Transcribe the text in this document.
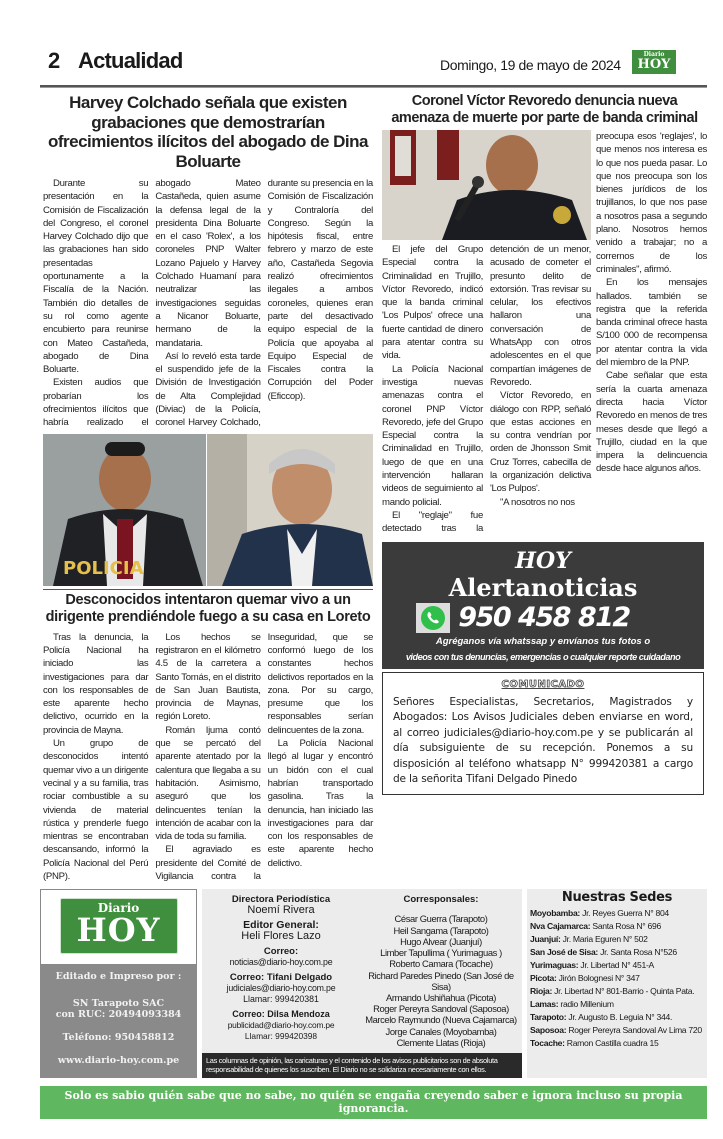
2 Actualidad	Domingo, 19 de mayo de 2024
Diario
HOY
Harvey Colchado señala que existen grabaciones que demostrarían ofrecimientos ilícitos del abogado de Dina Boluarte

Durante su presentación en la Comisión de Fiscalización del Congreso, el coronel Harvey Colchado dijo que las grabaciones han sido presentadas oportunamente a la Fiscalía de la Nación. También dio detalles de su rol como agente encubierto para reunirse con Mateo Castañeda, abogado de Dina Boluarte.

Existen audios que probarían los ofrecimientos ilícitos que habría realizado el abogado Mateo Castañeda, quien asume la defensa legal de la presidenta Dina Boluarte en el caso 'Rolex', a los coroneles PNP Walter Lozano Pajuelo y Harvey Colchado Huamaní para neutralizar las investigaciones seguidas a Nicanor Boluarte, hermano de la mandataria.

Así lo reveló esta tarde el suspendido jefe de la División de Investigación de Alta Complejidad (Diviac) de la Policía, coronel Harvey Colchado, durante su presencia en la Comisión de Fiscalización y Contraloría del Congreso. Según la hipótesis fiscal, entre febrero y marzo de este año, Castañeda Segovia realizó ofrecimientos ilegales a ambos coroneles, quienes eran parte del desactivado equipo especial de la Policía que apoyaba al Equipo Especial de Fiscales contra la Corrupción del Poder (Eficcop).

POLICIA
Desconocidos intentaron quemar vivo a un dirigente prendiéndole fuego a su casa en Loreto

Tras la denuncia, la Policía Nacional ha iniciado las investigaciones para dar con los responsables de este aparente hecho delictivo, ocurrido en la provincia de Mayna.

Un grupo de desconocidos intentó quemar vivo a un dirigente vecinal y a su familia, tras rociar combustible a su vivienda de material rústica y prenderle fuego mientras se encontraban descansando, informó la Policía Nacional del Perú (PNP).

Los hechos se registraron en el kilómetro 4.5 de la carretera a Santo Tomás, en el distrito de San Juan Bautista, provincia de Maynas, región Loreto.

Román Ijuma contó que se percató del aparente atentado por la calentura que llegaba a su habitación. Asimismo, aseguró que los delincuentes tenían la intención de acabar con la vida de toda su familia.

El agraviado es presidente del Comité de Vigilancia contra la Inseguridad, que se conformó luego de los constantes hechos delictivos reportados en la zona. Por su cargo, presume que los responsables serían delincuentes de la zona.

La Policía Nacional llegó al lugar y encontró un bidón con el cual habrían transportado gasolina. Tras la denuncia, han iniciado las investigaciones para dar con los responsables de este aparente hecho delictivo.

Coronel Víctor Revoredo denuncia nueva amenaza de muerte por parte de banda criminal

El jefe del Grupo Especial contra la Criminalidad en Trujillo, Víctor Revoredo, indicó que la banda criminal 'Los Pulpos' ofrece una fuerte cantidad de dinero para atentar contra su vida.

La Policía Nacional investiga nuevas amenazas contra el coronel PNP Víctor Revoredo, jefe del Grupo Especial contra la Criminalidad en Trujillo, luego de que en una intervención hallaran videos de seguimiento al mando policial.

El "reglaje" fue detectado tras la detención de un menor, acusado de cometer el presunto delito de extorsión. Tras revisar su celular, los efectivos hallaron una conversación de WhatsApp con otros adolescentes en el que compartían imágenes de Revoredo.

Víctor Revoredo, en diálogo con RPP, señaló que estas acciones en su contra vendrían por orden de Jhonsson Smit Cruz Torres, cabecilla de la organización delictiva 'Los Pulpos'.

"A nosotros no nos

preocupa esos 'reglajes', lo que menos nos interesa es lo que nos pueda pasar. Lo que nos preocupa son los bienes jurídicos de los trujillanos, lo que nos pase a nosotros pasa a segundo plano. Nosotros hemos venido a trabajar; no a corrernos de los criminales", afirmó.

En los mensajes hallados. también se registra que la referida banda criminal ofrece hasta S/100 000 de recompensa por atentar contra la vida del miembro de la PNP.

Cabe señalar que esta sería la cuarta amenaza directa hacia Víctor Revoredo en menos de tres meses desde que llegó a Trujillo, ciudad en la que impera la delincuencia desde hace algunos años.

HOY
Alertanoticias
950 458 812
Agréganos vía whatssap y envíanos tus fotos o
videos con tus denuncias, emergencias o cualquier reporte cuidadano
COMUNICADO
Señores Especialistas, Secretarios, Magistrados y Abogados: Los Avisos Judiciales deben enviarse en word, al correo judiciales@diario-hoy.com.pe y se publicarán al día subsiguiente de su recepción. Ponemos a su disposición al teléfono whatsapp N° 999420381 a cargo de la señorita Tifani Delgado Pinedo
Diario
HOY
Editado e Impreso por :
SN Tarapoto SAC
con RUC: 20494093384
Teléfono: 950458812
www.diario-hoy.com.pe
Directora Periodística
Noemí Rivera
Editor General:
Heli Flores Lazo
Correo:
noticias@diario-hoy.com.pe
Correo: Tifani Delgado
judiciales@diario-hoy.com.pe
Llamar: 999420381
Correo: Dilsa Mendoza
publicidad@diario-hoy.com.pe
Llamar: 999420398
Corresponsales:
César Guerra (Tarapoto)
Heil Sangama (Tarapoto)
Hugo Alvear (Juanjuí)
Limber Tapullima ( Yurimaguas )
Roberto Camara (Tocache)
Richard Paredes Pinedo (San José de Sisa)
Armando Ushiñahua (Picota)
Roger Pereyra Sandoval (Saposoa)
Marcelo Raymundo (Nueva Cajamarca)
Jorge Canales (Moyobamba)
Clemente Llatas (Rioja)
Las columnas de opinión, las caricaturas y el contenido de los avisos publicitarios son de absoluta responsabilidad de quienes los suscriben. El Diario no se solidariza necesariamente con ellos.
Nuestras Sedes
Moyobamba: Jr. Reyes Guerra N° 804
Nva Cajamarca: Santa Rosa N° 696
Juanjuí: Jr. Maria Eguren N° 502
San José de Sisa: Jr. Santa Rosa N°526
Yurimaguas: Jr. Libertad N° 451-A
Picota: Jirón Bolognesi N° 347
Rioja: Jr. Libertad N° 801-Barrio - Quinta Pata.
Lamas: radio Millenium
Tarapoto: Jr. Augusto B. Leguia N° 344.
Saposoa: Roger Pereyra Sandoval Av Lima 720
Tocache: Ramon Castilla cuadra 15
Solo es sabio quién sabe que no sabe, no quién se engaña creyendo saber e ignora incluso su propia ignorancia.
